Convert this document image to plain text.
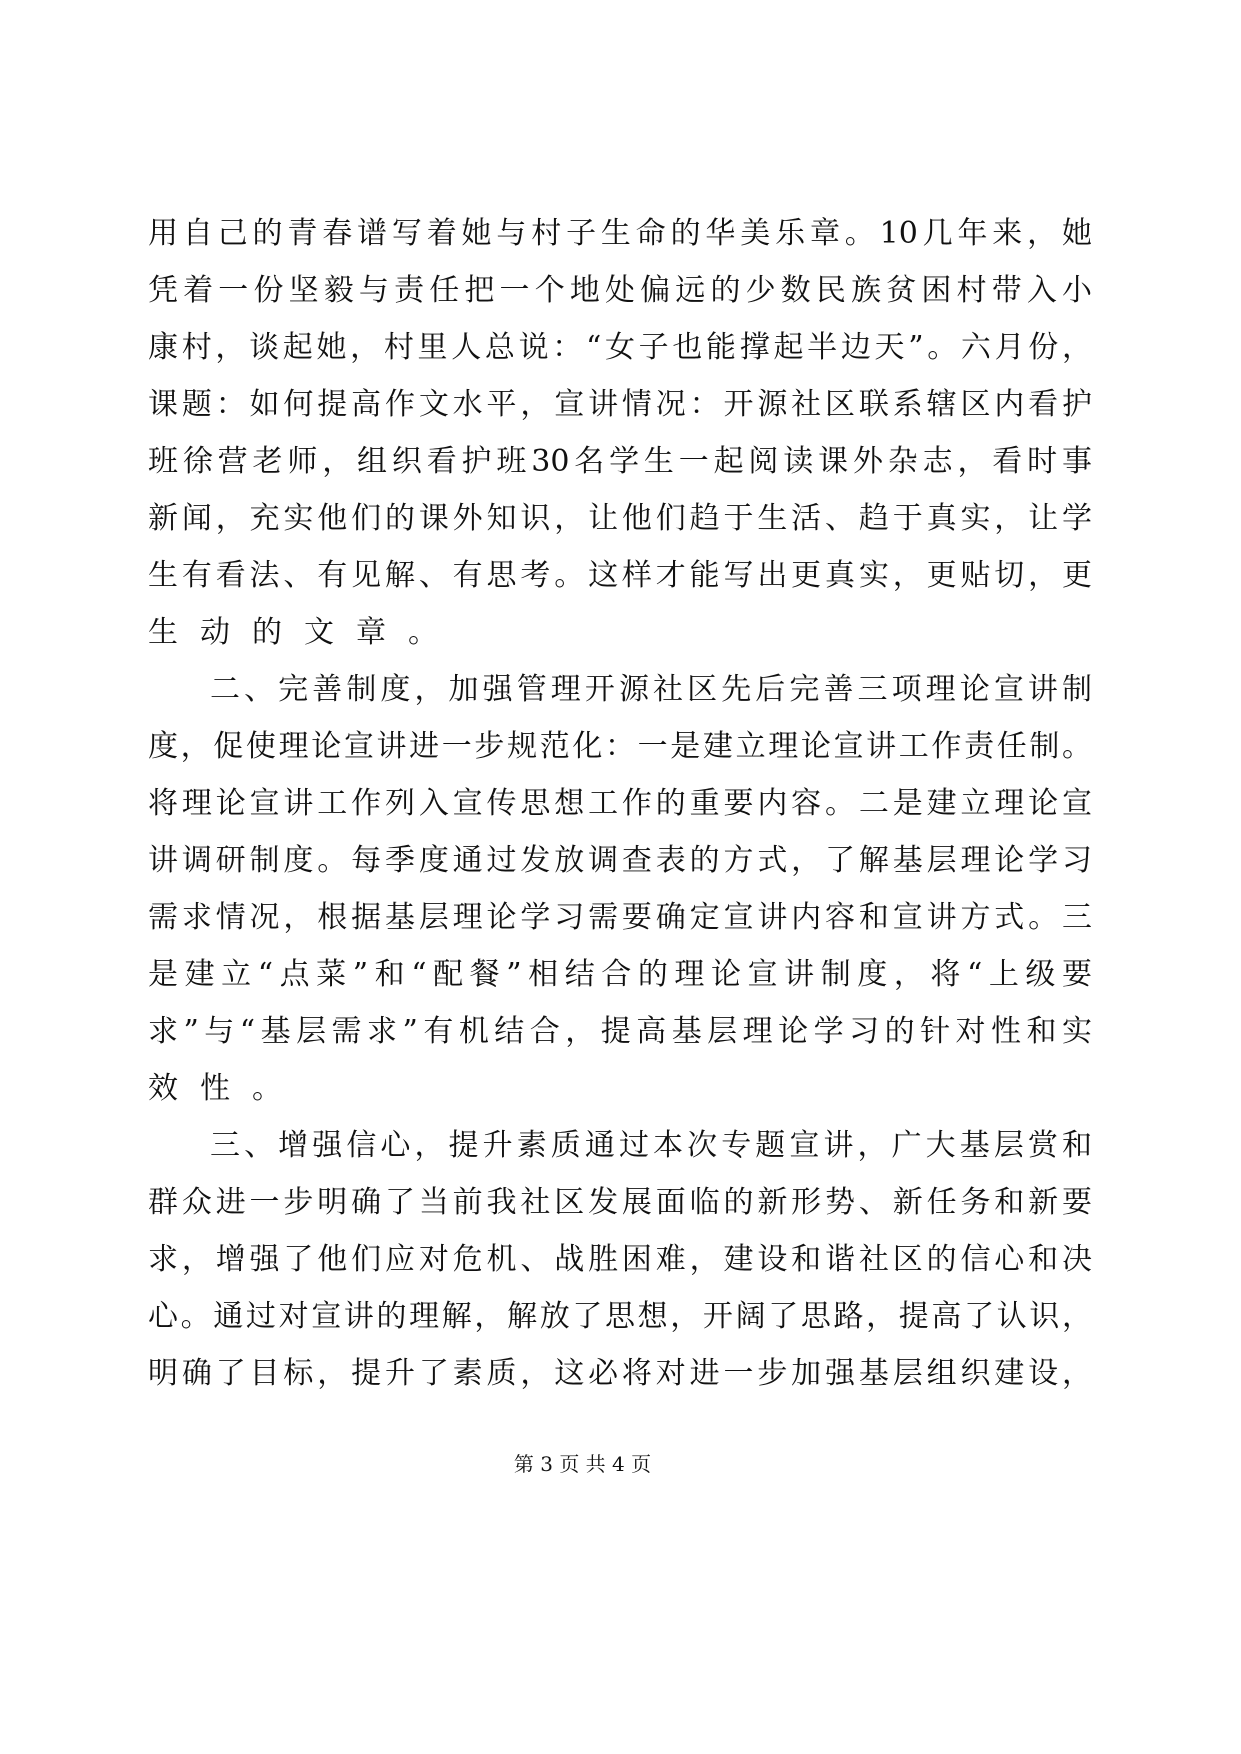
用自己的青春谱写着她与村子生命的华美乐章。10几年来，她
凭着一份坚毅与责任把一个地处偏远的少数民族贫困村带入小
康村，谈起她，村里人总说：“女子也能撑起半边天”。六月份，
课题：如何提高作文水平，宣讲情况：开源社区联系辖区内看护
班徐营老师，组织看护班30名学生一起阅读课外杂志，看时事
新闻，充实他们的课外知识，让他们趋于生活、趋于真实，让学
生有看法、有见解、有思考。这样才能写出更真实，更贴切，更
生动的文章。
二、完善制度，加强管理开源社区先后完善三项理论宣讲制
度，促使理论宣讲进一步规范化：一是建立理论宣讲工作责任制。
将理论宣讲工作列入宣传思想工作的重要内容。二是建立理论宣
讲调研制度。每季度通过发放调查表的方式，了解基层理论学习
需求情况，根据基层理论学习需要确定宣讲内容和宣讲方式。三
是建立“点菜”和“配餐”相结合的理论宣讲制度，将“上级要
求”与“基层需求”有机结合，提高基层理论学习的针对性和实
效性。
三、增强信心，提升素质通过本次专题宣讲，广大基层赏和
群众进一步明确了当前我社区发展面临的新形势、新任务和新要
求，增强了他们应对危机、战胜困难，建设和谐社区的信心和决
心。通过对宣讲的理解，解放了思想，开阔了思路，提高了认识，
明确了目标，提升了素质，这必将对进一步加强基层组织建设，
第 3 页 共 4 页
